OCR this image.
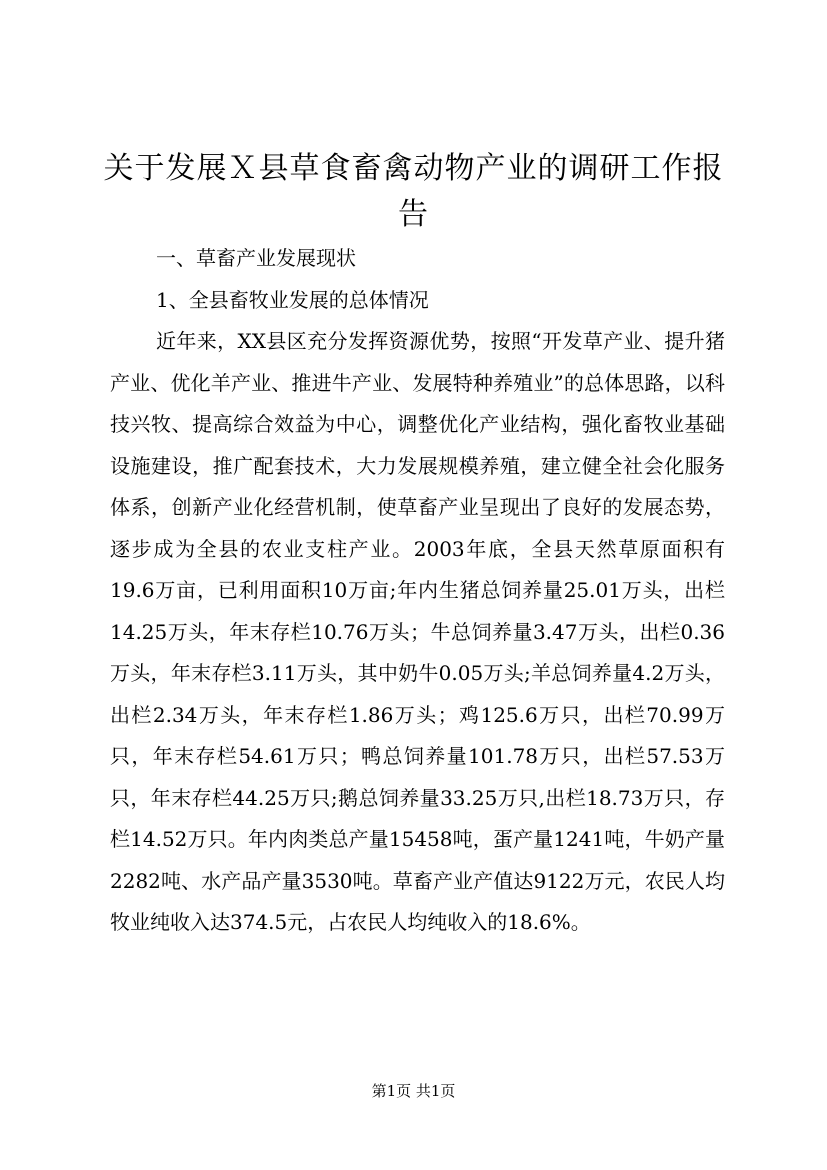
关于发展Ｘ县草食畜禽动物产业的调研工作报告

一、草畜产业发展现状

1、全县畜牧业发展的总体情况

近年来，XX县区充分发挥资源优势，按照“开发草产业、提升猪产业、优化羊产业、推进牛产业、发展特种养殖业”的总体思路，以科技兴牧、提高综合效益为中心，调整优化产业结构，强化畜牧业基础设施建设，推广配套技术，大力发展规模养殖，建立健全社会化服务体系，创新产业化经营机制，使草畜产业呈现出了良好的发展态势，逐步成为全县的农业支柱产业。2003年底，全县天然草原面积有19.6万亩，已利用面积10万亩;年内生猪总饲养量25.01万头，出栏14.25万头，年末存栏10.76万头；牛总饲养量3.47万头，出栏0.36万头，年末存栏3.11万头，其中奶牛0.05万头;羊总饲养量4.2万头，出栏2.34万头，年末存栏1.86万头；鸡125.6万只，出栏70.99万只，年末存栏54.61万只；鸭总饲养量101.78万只，出栏57.53万只，年末存栏44.25万只;鹅总饲养量33.25万只,出栏18.73万只，存栏14.52万只。年内肉类总产量15458吨，蛋产量1241吨，牛奶产量2282吨、水产品产量3530吨。草畜产业产值达9122万元，农民人均牧业纯收入达374.5元，占农民人均纯收入的18.6%。

第1页 共1页
